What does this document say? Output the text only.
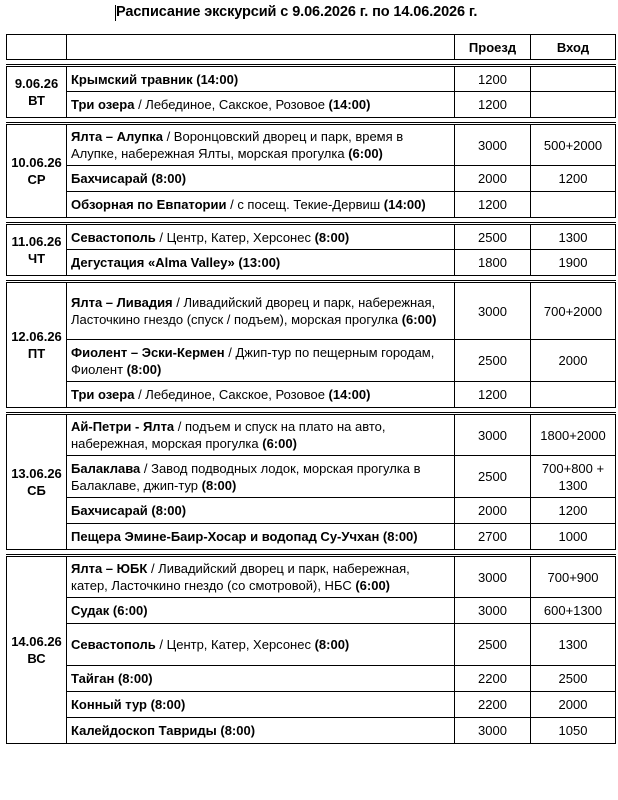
Расписание экскурсий с 9.06.2026 г. по 14.06.2026 г.
		Проезд	Вход

9.06.26
ВТ	Крымский травник (14:00)	1200	
	Три озера / Лебединое, Сакское, Розовое (14:00)	1200	

10.06.26
СР	Ялта – Алупка / Воронцовский дворец и парк, время в Алупке, набережная Ялты, морская прогулка (6:00)	3000	500+2000
	Бахчисарай (8:00)	2000	1200
	Обзорная по Евпатории / с посещ. Текие-Дервиш (14:00)	1200	

11.06.26
ЧТ	Севастополь / Центр, Катер, Херсонес (8:00)	2500	1300
	Дегустация «Alma Valley» (13:00)	1800	1900

12.06.26
ПТ	Ялта – Ливадия / Ливадийский дворец и парк, набережная, Ласточкино гнездо (спуск / подъем), морская прогулка (6:00)	3000	700+2000
	Фиолент – Эски-Кермен / Джип-тур по пещерным городам, Фиолент (8:00)	2500	2000
	Три озера / Лебединое, Сакское, Розовое (14:00)	1200	

13.06.26
СБ	Ай-Петри - Ялта / подъем и спуск на плато на авто, набережная, морская прогулка (6:00)	3000	1800+2000
	Балаклава / Завод подводных лодок, морская прогулка в Балаклаве, джип-тур (8:00)	2500	700+800 + 1300
	Бахчисарай (8:00)	2000	1200
	Пещера Эмине-Баир-Хосар и водопад Су-Учхан (8:00)	2700	1000

14.06.26
ВС	Ялта – ЮБК / Ливадийский дворец и парк, набережная, катер, Ласточкино гнездо (со смотровой), НБС (6:00)	3000	700+900
	Судак (6:00)	3000	600+1300
	Севастополь / Центр, Катер, Херсонес (8:00)	2500	1300
	Тайган (8:00)	2200	2500
	Конный тур (8:00)	2200	2000
	Калейдоскоп Тавриды (8:00)	3000	1050
